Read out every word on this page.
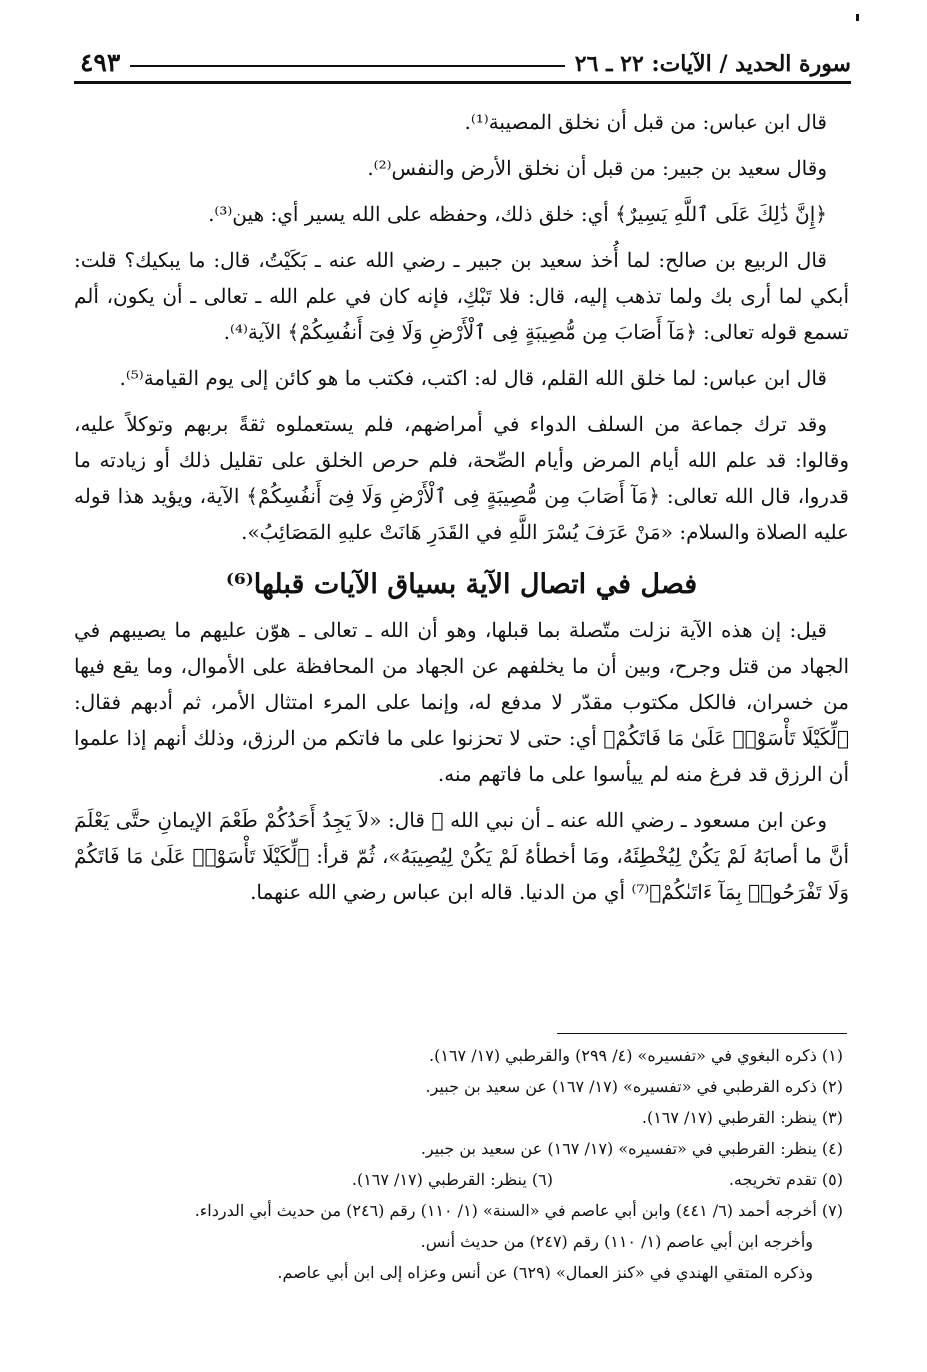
سورة الحديد / الآيات: ٢٢ ـ ٢٦
٤٩٣

قال ابن عباس: من قبل أن نخلق المصيبة⁽¹⁾.

وقال سعيد بن جبير: من قبل أن نخلق الأرض والنفس⁽²⁾.

﴿إِنَّ ذَٰلِكَ عَلَى ٱللَّهِ يَسِيرٌ﴾ أي: خلق ذلك، وحفظه على الله يسير أي: هين⁽³⁾.

قال الربيع بن صالح: لما أُخذ سعيد بن جبير ـ رضي الله عنه ـ بَكَيْتُ، قال: ما يبكيك؟ قلت: أبكي لما أرى بك ولما تذهب إليه، قال: فلا تَبْكِ، فإنه كان في علم الله ـ تعالى ـ أن يكون، ألم تسمع قوله تعالى: ﴿مَآ أَصَابَ مِن مُّصِيبَةٍ فِى ٱلْأَرْضِ وَلَا فِىٓ أَنفُسِكُمْ﴾ الآية⁽⁴⁾.

قال ابن عباس: لما خلق الله القلم، قال له: اكتب، فكتب ما هو كائن إلى يوم القيامة⁽⁵⁾.

وقد ترك جماعة من السلف الدواء في أمراضهم، فلم يستعملوه ثقةً بربهم وتوكلاً عليه، وقالوا: قد علم الله أيام المرض وأيام الصِّحة، فلم حرص الخلق على تقليل ذلك أو زيادته ما قدروا، قال الله تعالى: ﴿مَآ أَصَابَ مِن مُّصِيبَةٍ فِى ٱلْأَرْضِ وَلَا فِىٓ أَنفُسِكُمْ﴾ الآية، ويؤيد هذا قوله عليه الصلاة والسلام: «مَنْ عَرَفَ يُسْرَ اللَّهِ في القَدَرِ هَانَتْ عليهِ المَصَائِبُ».

فصل في اتصال الآية بسياق الآيات قبلها⁽⁶⁾

قيل: إن هذه الآية نزلت متّصلة بما قبلها، وهو أن الله ـ تعالى ـ هوّن عليهم ما يصيبهم في الجهاد من قتل وجرح، وبين أن ما يخلفهم عن الجهاد من المحافظة على الأموال، وما يقع فيها من خسران، فالكل مكتوب مقدّر لا مدفع له، وإنما على المرء امتثال الأمر، ثم أدبهم فقال: ﴿لِّكَيْلَا تَأْسَوْا۟ عَلَىٰ مَا فَاتَكُمْ﴾ أي: حتى لا تحزنوا على ما فاتكم من الرزق، وذلك أنهم إذا علموا أن الرزق قد فرغ منه لم ييأسوا على ما فاتهم منه.

وعن ابن مسعود ـ رضي الله عنه ـ أن نبي الله ﷺ قال: «لاَ يَجِدُ أَحَدُكُمْ طَعْمَ الإيمانِ حتَّى يَعْلَمَ أنَّ ما أصابَهُ لَمْ يَكُنْ لِيُخْطِئَهُ، ومَا أخطأهُ لَمْ يَكُنْ لِيُصِيبَهُ»، ثُمّ قرأ: ﴿لِّكَيْلَا تَأْسَوْا۟ عَلَىٰ مَا فَاتَكُمْ وَلَا تَفْرَحُوا۟ بِمَآ ءَاتَىٰكُمْ﴾⁽⁷⁾ أي من الدنيا. قاله ابن عباس رضي الله عنهما.

(١) ذكره البغوي في «تفسيره» (٤/ ٢٩٩) والقرطبي (١٧/ ١٦٧).

(٢) ذكره القرطبي في «تفسيره» (١٧/ ١٦٧) عن سعيد بن جبير.

(٣) ينظر: القرطبي (١٧/ ١٦٧).

(٤) ينظر: القرطبي في «تفسيره» (١٧/ ١٦٧) عن سعيد بن جبير.

(٥) تقدم تخريجه.

(٦) ينظر: القرطبي (١٧/ ١٦٧).

(٧) أخرجه أحمد (٦/ ٤٤١) وابن أبي عاصم في «السنة» (١/ ١١٠) رقم (٢٤٦) من حديث أبي الدرداء.

وأخرجه ابن أبي عاصم (١/ ١١٠) رقم (٢٤٧) من حديث أنس.

وذكره المتقي الهندي في «كنز العمال» (٦٢٩) عن أنس وعزاه إلى ابن أبي عاصم.
